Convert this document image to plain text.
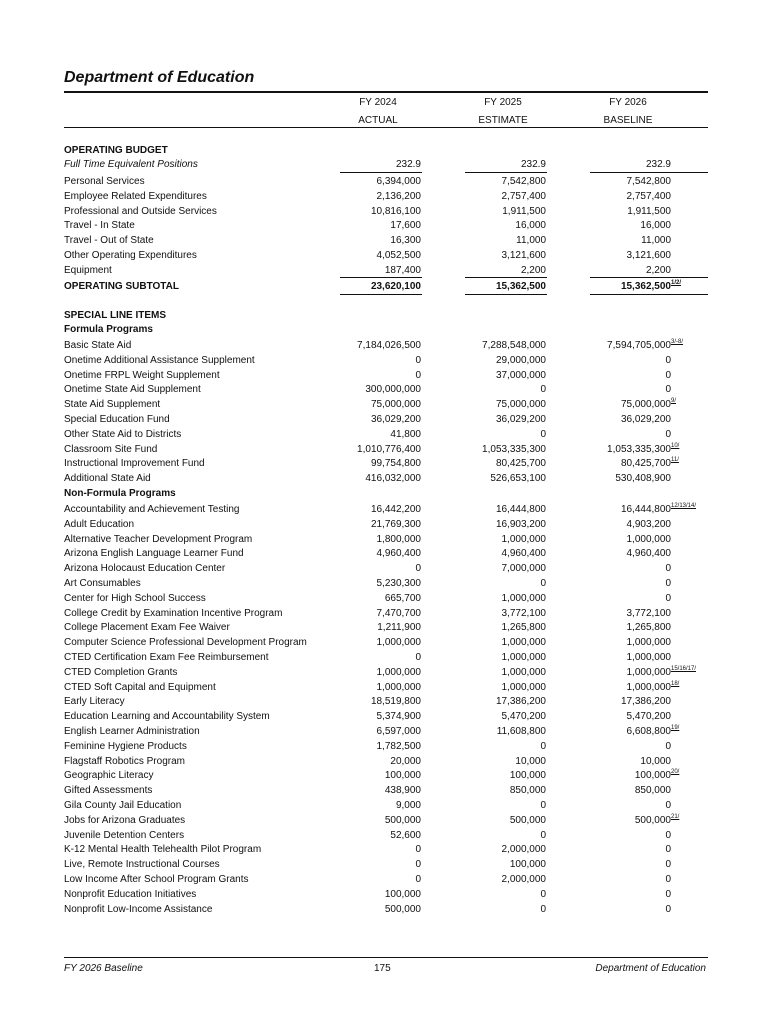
Department of Education
FY 2024
ACTUAL
FY 2025
ESTIMATE
FY 2026
BASELINE
OPERATING BUDGET
Full Time Equivalent Positions	232.9	232.9	232.9
Personal Services	6,394,000	7,542,800	7,542,800
Employee Related Expenditures	2,136,200	2,757,400	2,757,400
Professional and Outside Services	10,816,100	1,911,500	1,911,500
Travel - In State	17,600	16,000	16,000
Travel - Out of State	16,300	11,000	11,000
Other Operating Expenditures	4,052,500	3,121,600	3,121,600
Equipment	187,400	2,200	2,200
OPERATING SUBTOTAL	23,620,100	15,362,500	15,362,500 1/2/
SPECIAL LINE ITEMS
Formula Programs
Basic State Aid	7,184,026,500	7,288,548,000	7,594,705,000 3/-8/
Onetime Additional Assistance Supplement	0	29,000,000	0
Onetime FRPL Weight Supplement	0	37,000,000	0
Onetime State Aid Supplement	300,000,000	0	0
State Aid Supplement	75,000,000	75,000,000	75,000,000 9/
Special Education Fund	36,029,200	36,029,200	36,029,200
Other State Aid to Districts	41,800	0	0
Classroom Site Fund	1,010,776,400	1,053,335,300	1,053,335,300 10/
Instructional Improvement Fund	99,754,800	80,425,700	80,425,700 11/
Additional State Aid	416,032,000	526,653,100	530,408,900
Non-Formula Programs
Accountability and Achievement Testing	16,442,200	16,444,800	16,444,800 12/13/14/
Adult Education	21,769,300	16,903,200	4,903,200
Alternative Teacher Development Program	1,800,000	1,000,000	1,000,000
Arizona English Language Learner Fund	4,960,400	4,960,400	4,960,400
Arizona Holocaust Education Center	0	7,000,000	0
Art Consumables	5,230,300	0	0
Center for High School Success	665,700	1,000,000	0
College Credit by Examination Incentive Program	7,470,700	3,772,100	3,772,100
College Placement Exam Fee Waiver	1,211,900	1,265,800	1,265,800
Computer Science Professional Development Program	1,000,000	1,000,000	1,000,000
CTED Certification Exam Fee Reimbursement	0	1,000,000	1,000,000
CTED Completion Grants	1,000,000	1,000,000	1,000,000 15/16/17/
CTED Soft Capital and Equipment	1,000,000	1,000,000	1,000,000 18/
Early Literacy	18,519,800	17,386,200	17,386,200
Education Learning and Accountability System	5,374,900	5,470,200	5,470,200
English Learner Administration	6,597,000	11,608,800	6,608,800 19/
Feminine Hygiene Products	1,782,500	0	0
Flagstaff Robotics Program	20,000	10,000	10,000
Geographic Literacy	100,000	100,000	100,000 20/
Gifted Assessments	438,900	850,000	850,000
Gila County Jail Education	9,000	0	0
Jobs for Arizona Graduates	500,000	500,000	500,000 21/
Juvenile Detention Centers	52,600	0	0
K-12 Mental Health Telehealth Pilot Program	0	2,000,000	0
Live, Remote Instructional Courses	0	100,000	0
Low Income After School Program Grants	0	2,000,000	0
Nonprofit Education Initiatives	100,000	0	0
Nonprofit Low-Income Assistance	500,000	0	0
FY 2026 Baseline	175	Department of Education
